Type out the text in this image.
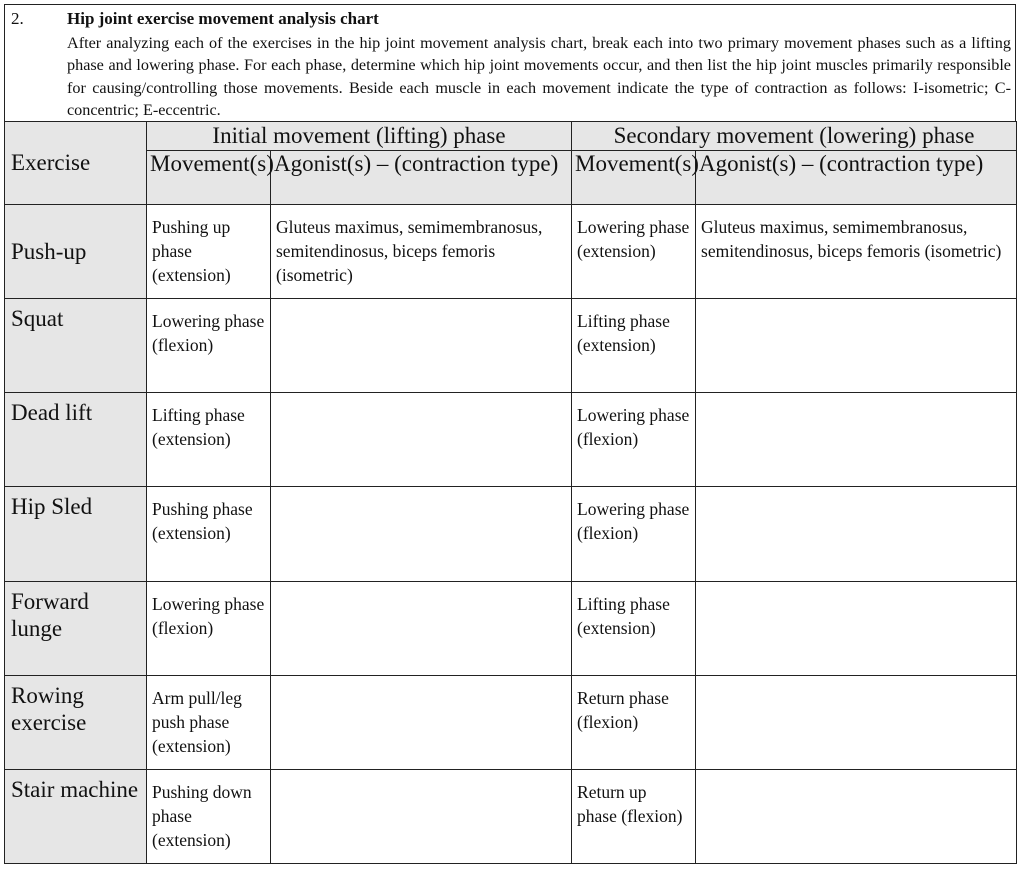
2.	Hip joint exercise movement analysis chart
After analyzing each of the exercises in the hip joint movement analysis chart, break each into two primary movement phases such as a lifting phase and lowering phase. For each phase, determine which hip joint movements occur, and then list the hip joint muscles primarily responsible for causing/controlling those movements. Beside each muscle in each movement indicate the type of contraction as follows: I-isometric; C-concentric; E-eccentric.
Exercise	Initial movement (lifting) phase		Secondary movement (lowering) phase	
	Movement(s)	Agonist(s) – (contraction type)	Movement(s)	Agonist(s) – (contraction type)
Push-up	Pushing up phase (extension)	Gluteus maximus, semimembranosus, semitendinosus, biceps femoris (isometric)	Lowering phase (extension)	Gluteus maximus, semimembranosus, semitendinosus, biceps femoris (isometric)
Squat	Lowering phase (flexion)		Lifting phase (extension)	
Dead lift	Lifting phase (extension)		Lowering phase (flexion)	
Hip Sled	Pushing phase (extension)		Lowering phase (flexion)	
Forward lunge	Lowering phase (flexion)		Lifting phase (extension)	
Rowing exercise	Arm pull/leg push phase (extension)		Return phase (flexion)	
Stair machine	Pushing down phase (extension)		Return up phase (flexion)	
